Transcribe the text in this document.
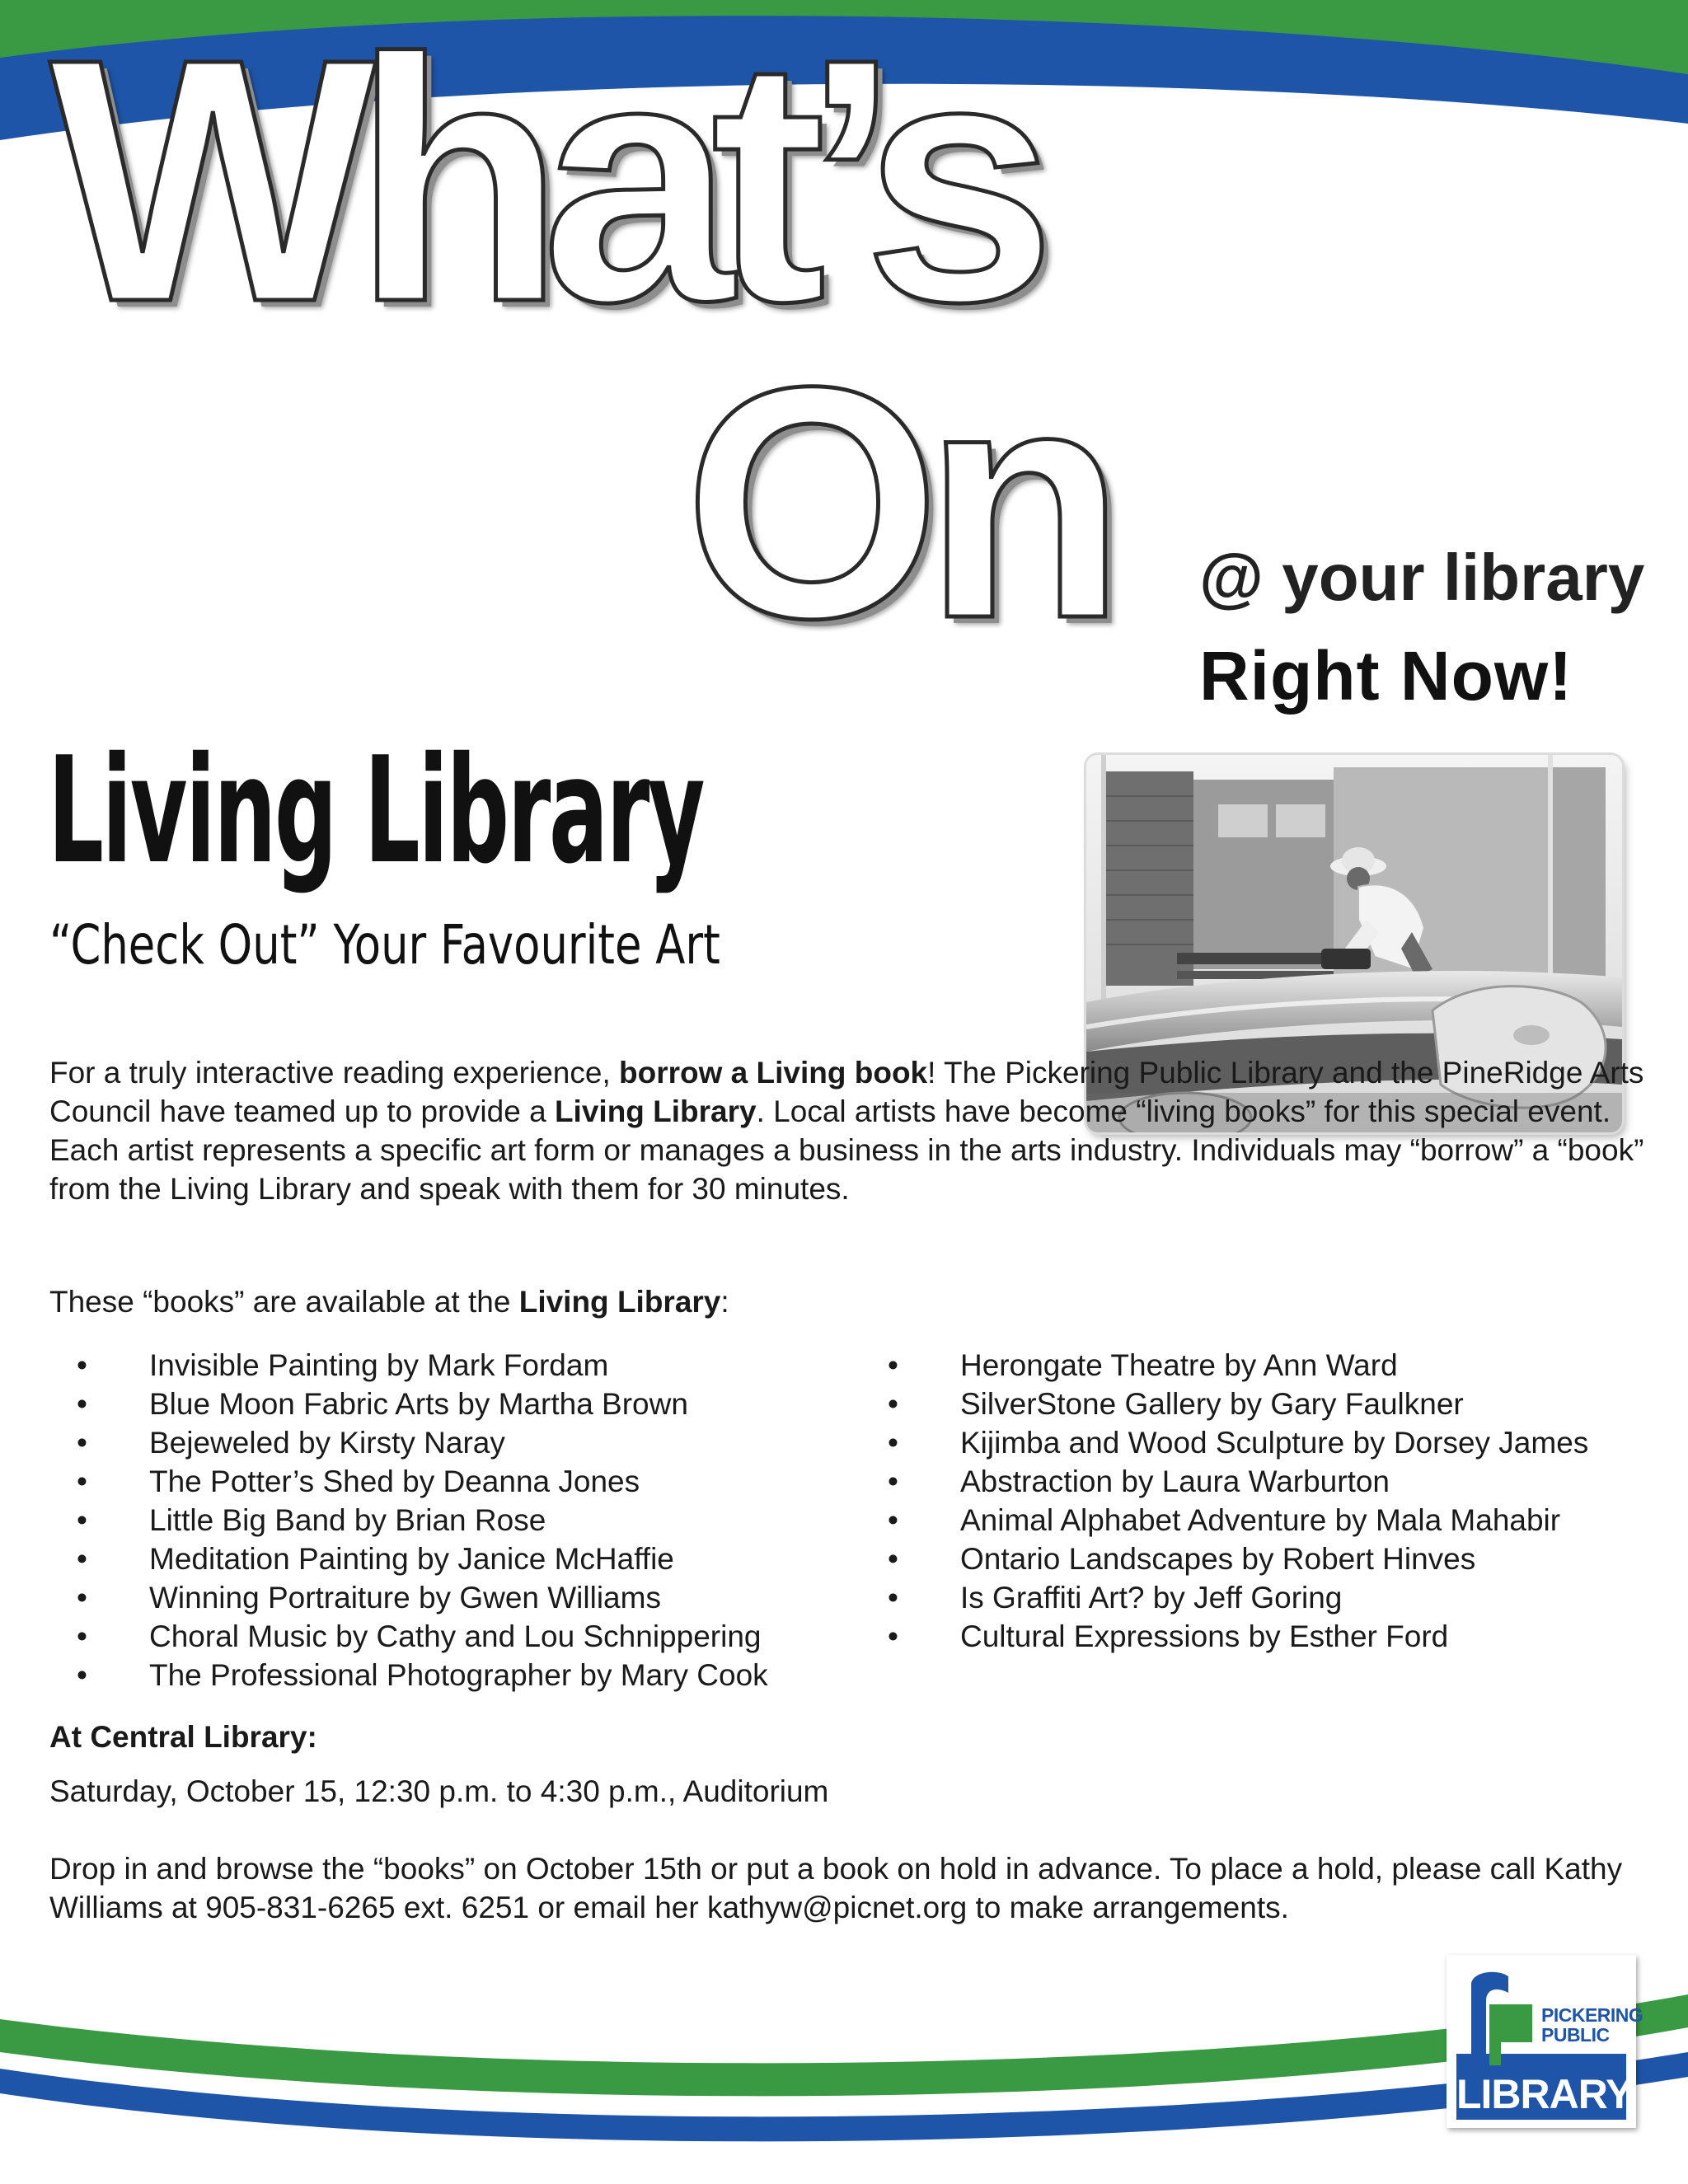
What’s
On @ your library
Right Now!
Living Library
“Check Out” Your Favourite Art
For a truly interactive reading experience, borrow a Living book! The Pickering Public Library and the PineRidge Arts Council have teamed up to provide a Living Library. Local artists have become “living books” for this special event. Each artist represents a specific art form or manages a business in the arts industry. Individuals may “borrow” a “book” from the Living Library and speak with them for 30 minutes.
These “books” are available at the Living Library:
• Invisible Painting by Mark Fordam
• Blue Moon Fabric Arts by Martha Brown
• Bejeweled by Kirsty Naray
• The Potter’s Shed by Deanna Jones
• Little Big Band by Brian Rose
• Meditation Painting by Janice McHaffie
• Winning Portraiture by Gwen Williams
• Choral Music by Cathy and Lou Schnippering
• The Professional Photographer by Mary Cook
• Herongate Theatre by Ann Ward
• SilverStone Gallery by Gary Faulkner
• Kijimba and Wood Sculpture by Dorsey James
• Abstraction by Laura Warburton
• Animal Alphabet Adventure by Mala Mahabir
• Ontario Landscapes by Robert Hinves
• Is Graffiti Art? by Jeff Goring
• Cultural Expressions by Esther Ford
At Central Library:
Saturday, October 15, 12:30 p.m. to 4:30 p.m., Auditorium
Drop in and browse the “books” on October 15th or put a book on hold in advance. To place a hold, please call Kathy Williams at 905-831-6265 ext. 6251 or email her kathyw@picnet.org to make arrangements.
PICKERING
PUBLIC
LIBRARY
